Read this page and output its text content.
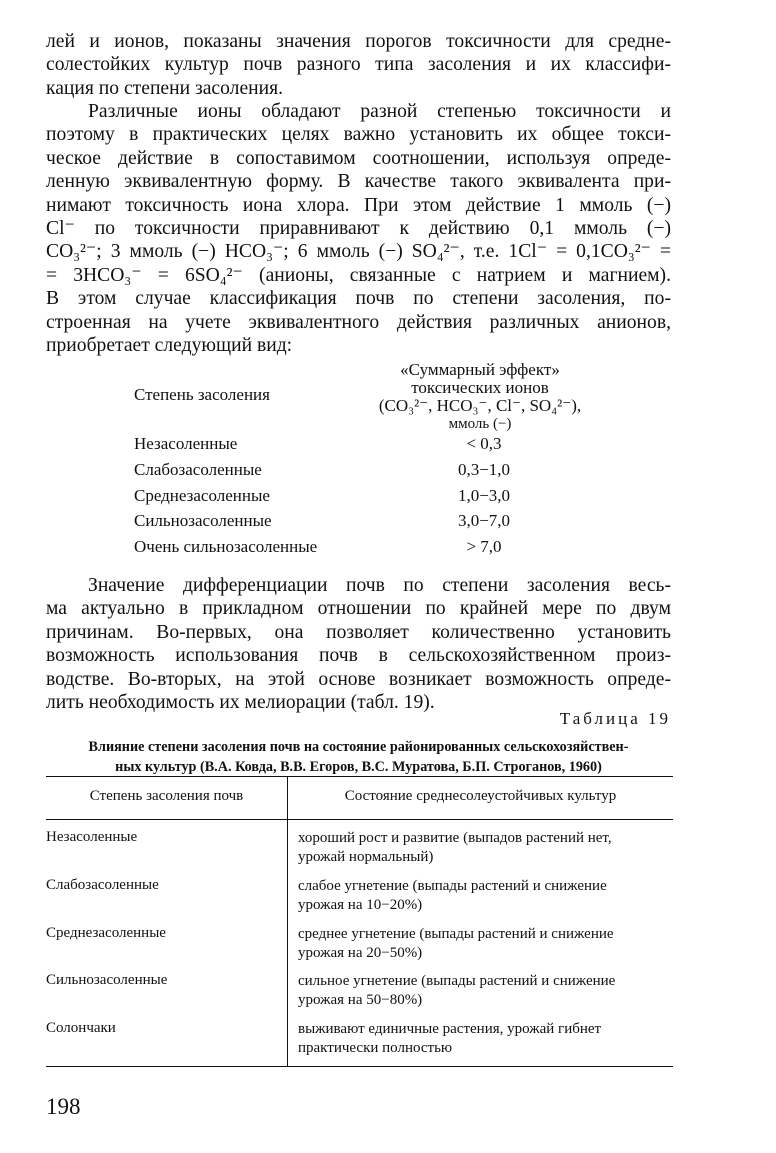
лей и ионов, показаны значения порогов токсичности для средне-
солестойких культур почв разного типа засоления и их классифи-
кация по степени засоления.
Различные ионы обладают разной степенью токсичности и
поэтому в практических целях важно установить их общее токси-
ческое действие в сопоставимом соотношении, используя опреде-
ленную эквивалентную форму. В качестве такого эквивалента при-
нимают токсичность иона хлора. При этом действие 1 ммоль (−)
Cl⁻ по токсичности приравнивают к действию 0,1 ммоль (−)
CO₃²⁻; 3 ммоль (−) HCO₃⁻; 6 ммоль (−) SO₄²⁻, т.е. 1Cl⁻ = 0,1CO₃²⁻ =
= 3HCO₃⁻ = 6SO₄²⁻ (анионы, связанные с натрием и магнием).
В этом случае классификация почв по степени засоления, по-
строенная на учете эквивалентного действия различных анионов,
приобретает следующий вид:
Степень засоления
«Суммарный эффект»
токсических ионов
(CO₃²⁻, HCO₃⁻, Cl⁻, SO₄²⁻),
ммоль (−)
Незасоленные	< 0,3
Слабозасоленные	0,3−1,0
Среднезасоленные	1,0−3,0
Сильнозасоленные	3,0−7,0
Очень сильнозасоленные	> 7,0
Значение дифференциации почв по степени засоления весь-
ма актуально в прикладном отношении по крайней мере по двум
причинам. Во-первых, она позволяет количественно установить
возможность использования почв в сельскохозяйственном произ-
водстве. Во-вторых, на этой основе возникает возможность опреде-
лить необходимость их мелиорации (табл. 19).
Таблица 19
Влияние степени засоления почв на состояние районированных сельскохозяйствен-
ных культур (В.А. Ковда, В.В. Егоров, В.С. Муратова, Б.П. Строганов, 1960)
Степень засоления почв	Состояние среднесолеустойчивых культур
Незасоленные	хороший рост и развитие (выпадов растений нет,
урожай нормальный)
Слабозасоленные	слабое угнетение (выпады растений и снижение
урожая на 10−20%)
Среднезасоленные	среднее угнетение (выпады растений и снижение
урожая на 20−50%)
Сильнозасоленные	сильное угнетение (выпады растений и снижение
урожая на 50−80%)
Солончаки	выживают единичные растения, урожай гибнет
практически полностью
198
